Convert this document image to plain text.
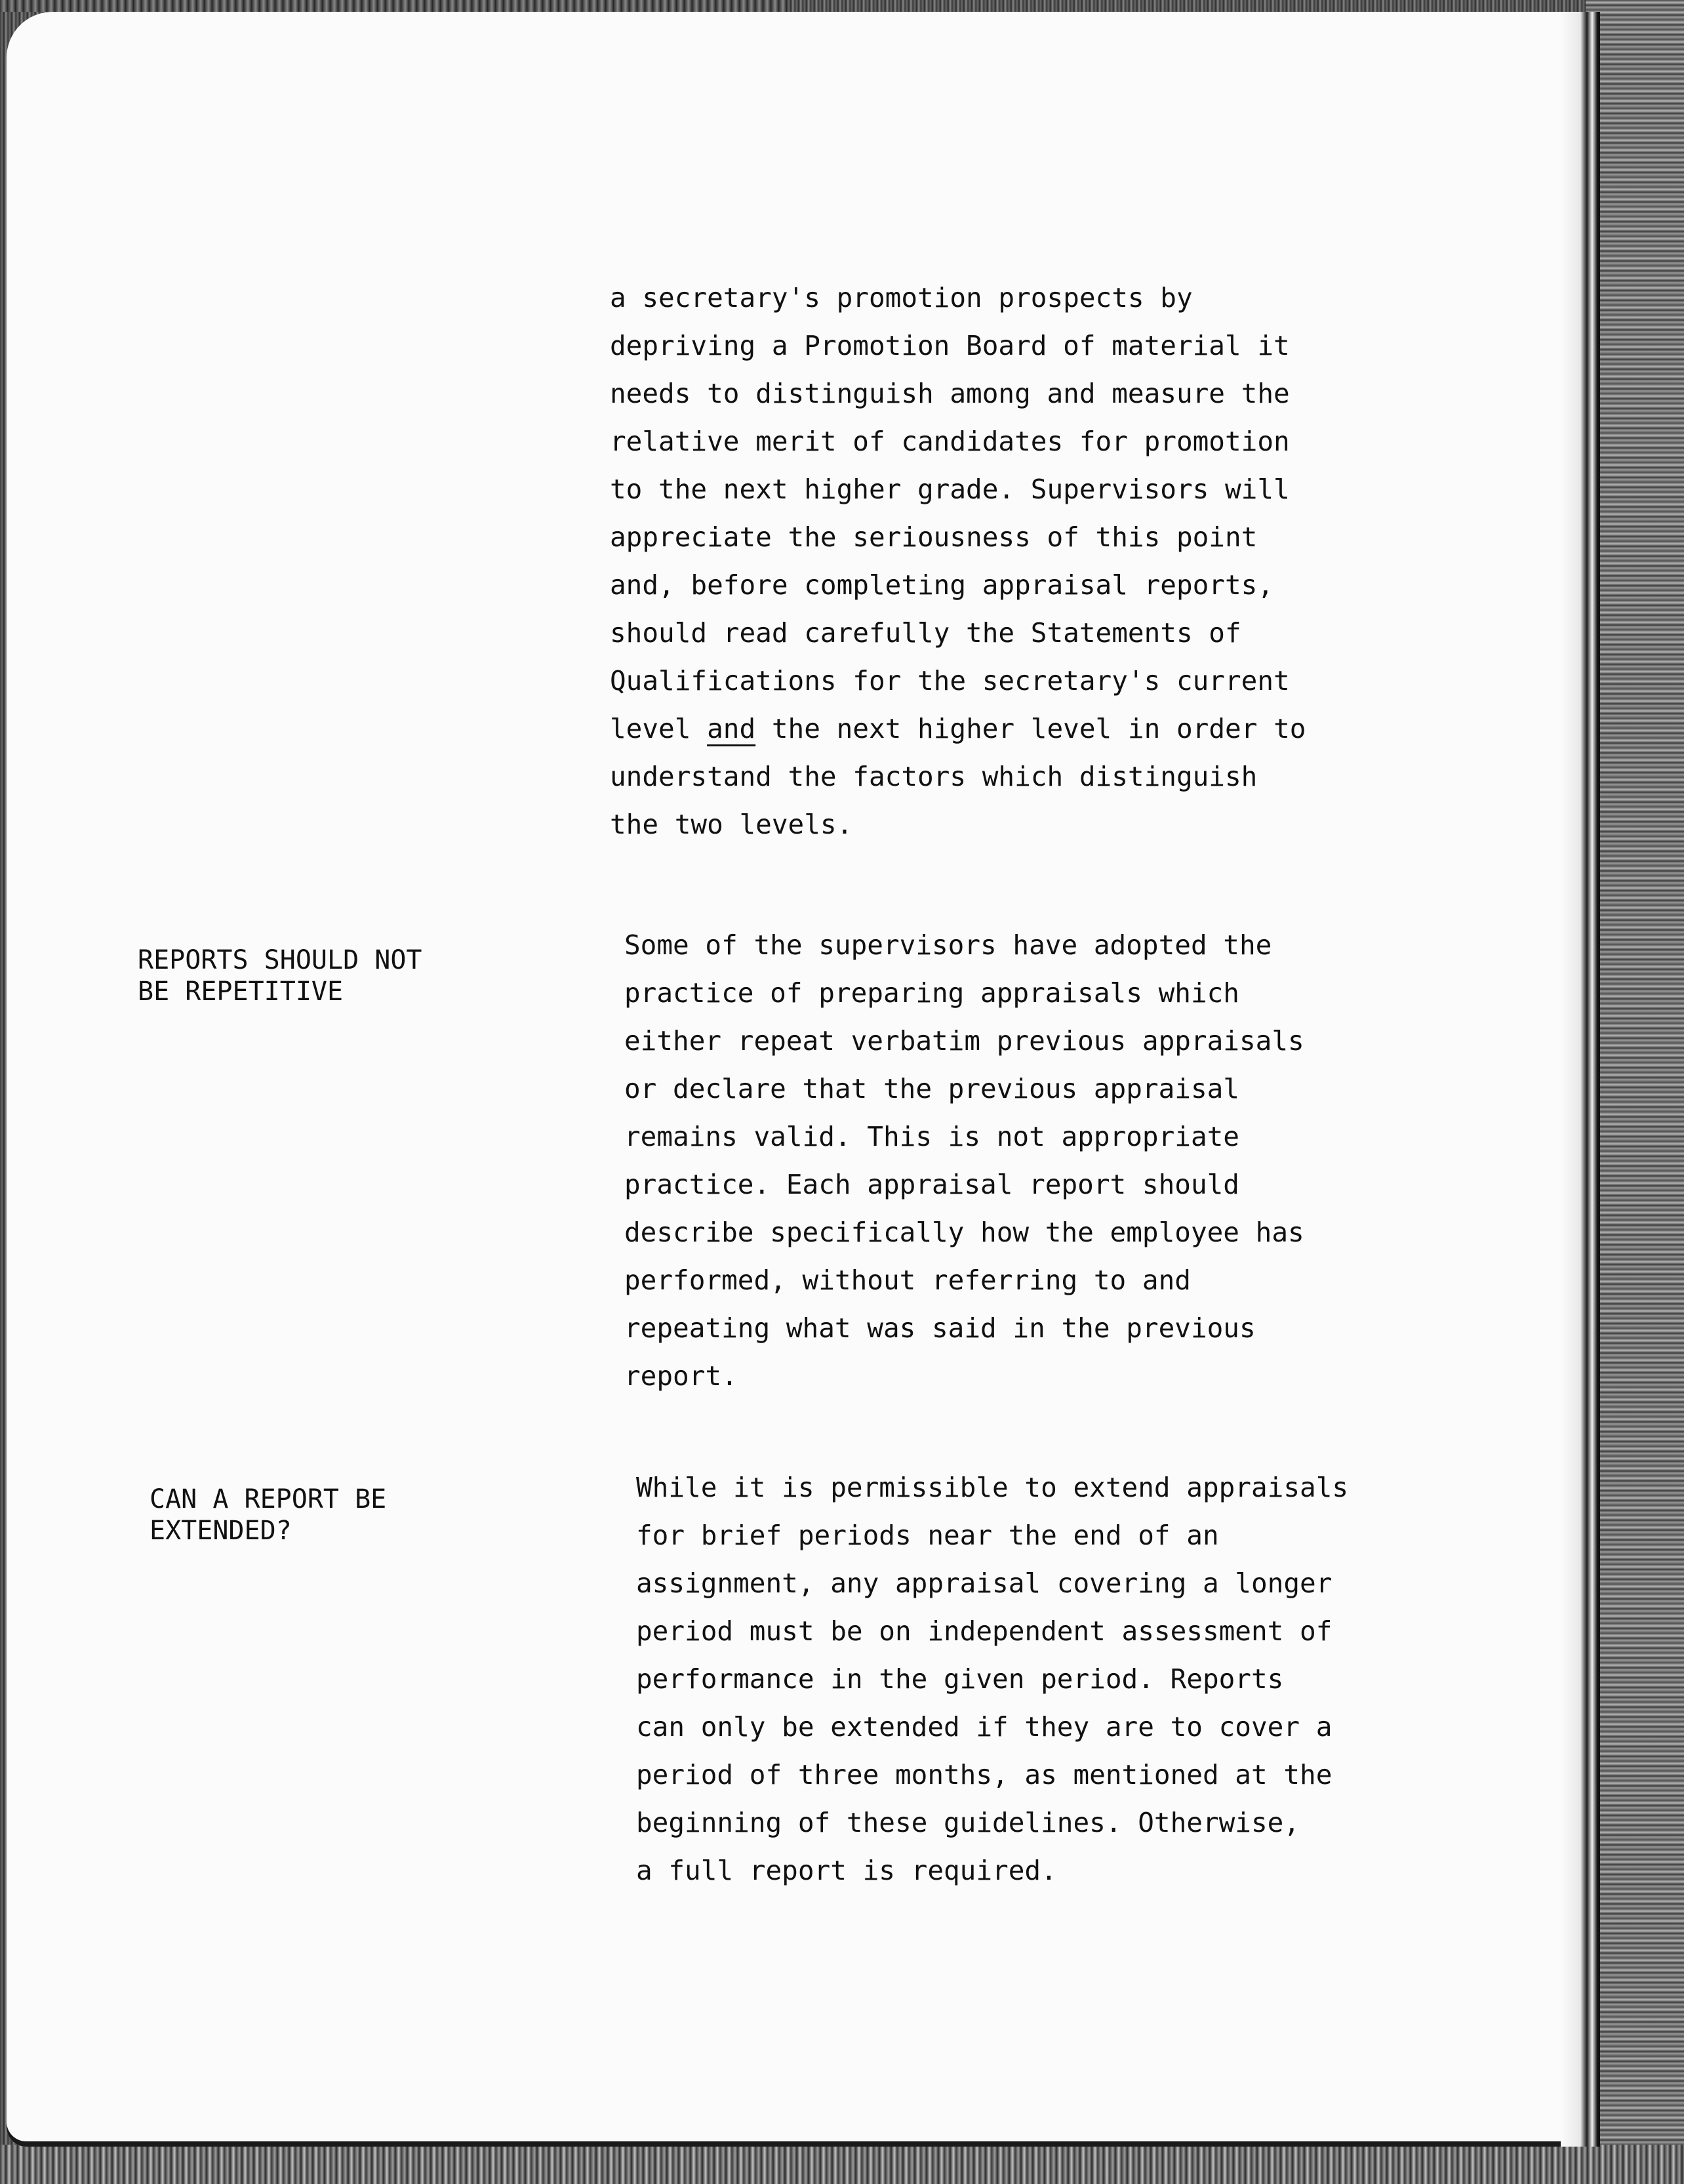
a secretary's promotion prospects by
depriving a Promotion Board of material it
needs to distinguish among and measure the
relative merit of candidates for promotion
to the next higher grade. Supervisors will
appreciate the seriousness of this point
and, before completing appraisal reports,
should read carefully the Statements of
Qualifications for the secretary's current
level and the next higher level in order to
understand the factors which distinguish
the two levels.
REPORTS SHOULD NOT
BE REPETITIVE
Some of the supervisors have adopted the
practice of preparing appraisals which
either repeat verbatim previous appraisals
or declare that the previous appraisal
remains valid. This is not appropriate
practice. Each appraisal report should
describe specifically how the employee has
performed, without referring to and
repeating what was said in the previous
report.
CAN A REPORT BE
EXTENDED?
While it is permissible to extend appraisals
for brief periods near the end of an
assignment, any appraisal covering a longer
period must be on independent assessment of
performance in the given period. Reports
can only be extended if they are to cover a
period of three months, as mentioned at the
beginning of these guidelines. Otherwise,
a full report is required.
